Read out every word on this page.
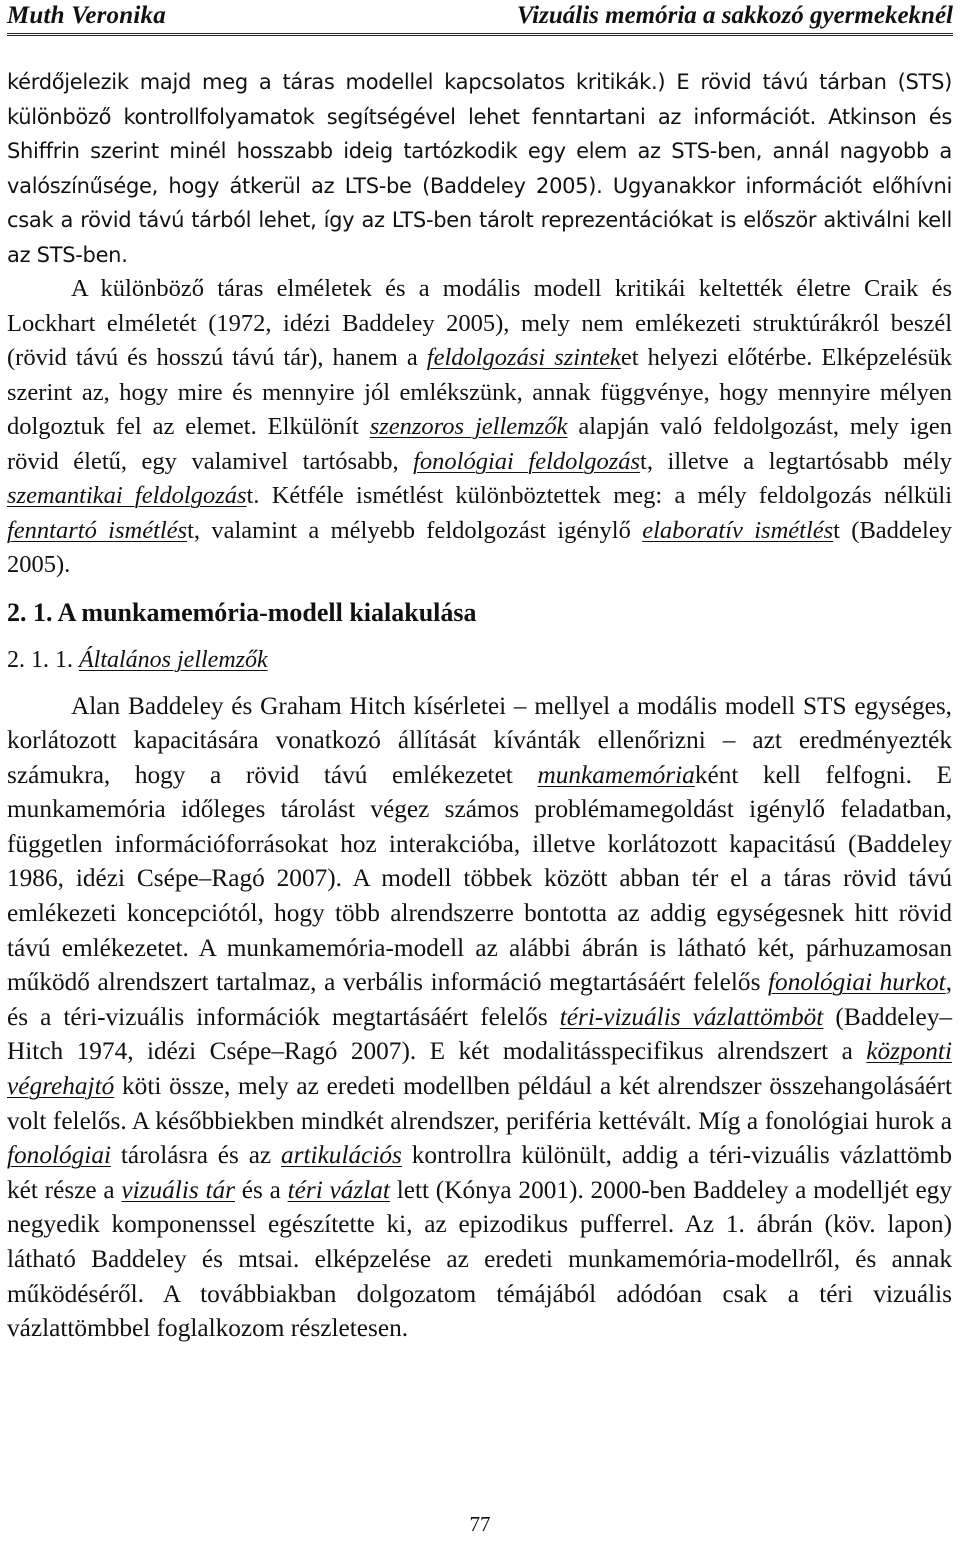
Muth Veronika	Vizuális memória a sakkozó gyermekeknél

kérdőjelezik majd meg a táras modellel kapcsolatos kritikák.) E rövid távú tárban (STS) különböző kontrollfolyamatok segítségével lehet fenntartani az információt. Atkinson és Shiffrin szerint minél hosszabb ideig tartózkodik egy elem az STS-ben, annál nagyobb a valószínűsége, hogy átkerül az LTS-be (Baddeley 2005). Ugyanakkor információt előhívni csak a rövid távú tárból lehet, így az LTS-ben tárolt reprezentációkat is először aktiválni kell az STS-ben.

A különböző táras elméletek és a modális modell kritikái keltették életre Craik és Lockhart elméletét (1972, idézi Baddeley 2005), mely nem emlékezeti struktúrákról beszél (rövid távú és hosszú távú tár), hanem a feldolgozási szinteket helyezi előtérbe. Elképzelésük szerint az, hogy mire és mennyire jól emlékszünk, annak függvénye, hogy mennyire mélyen dolgoztuk fel az elemet. Elkülönít szenzoros jellemzők alapján való feldolgozást, mely igen rövid életű, egy valamivel tartósabb, fonológiai feldolgozást, illetve a legtartósabb mély szemantikai feldolgozást. Kétféle ismétlést különböztettek meg: a mély feldolgozás nélküli fenntartó ismétlést, valamint a mélyebb feldolgozást igénylő elaboratív ismétlést (Baddeley 2005).

2. 1. A munkamemória-modell kialakulása
2. 1. 1. Általános jellemzők

Alan Baddeley és Graham Hitch kísérletei – mellyel a modális modell STS egységes, korlátozott kapacitására vonatkozó állítását kívánták ellenőrizni – azt eredményezték számukra, hogy a rövid távú emlékezetet munkamemóriaként kell felfogni. E munkamemória időleges tárolást végez számos problémamegoldást igénylő feladatban, független információforrásokat hoz interakcióba, illetve korlátozott kapacitású (Baddeley 1986, idézi Csépe–Ragó 2007). A modell többek között abban tér el a táras rövid távú emlékezeti koncepciótól, hogy több alrendszerre bontotta az addig egységesnek hitt rövid távú emlékezetet. A munkamemória-modell az alábbi ábrán is látható két, párhuzamosan működő alrendszert tartalmaz, a verbális információ megtartásáért felelős fonológiai hurkot, és a téri-vizuális információk megtartásáért felelős téri-vizuális vázlattömböt (Baddeley–Hitch 1974, idézi Csépe–Ragó 2007). E két modalitásspecifikus alrendszert a központi végrehajtó köti össze, mely az eredeti modellben például a két alrendszer összehangolásáért volt felelős. A későbbiekben mindkét alrendszer, periféria kettévált. Míg a fonológiai hurok a fonológiai tárolásra és az artikulációs kontrollra különült, addig a téri-vizuális vázlattömb két része a vizuális tár és a téri vázlat lett (Kónya 2001). 2000-ben Baddeley a modelljét egy negyedik komponenssel egészítette ki, az epizodikus pufferrel. Az 1. ábrán (köv. lapon) látható Baddeley és mtsai. elképzelése az eredeti munkamemória-modellről, és annak működéséről. A továbbiakban dolgozatom témájából adódóan csak a téri vizuális vázlattömbbel foglalkozom részletesen.

77
